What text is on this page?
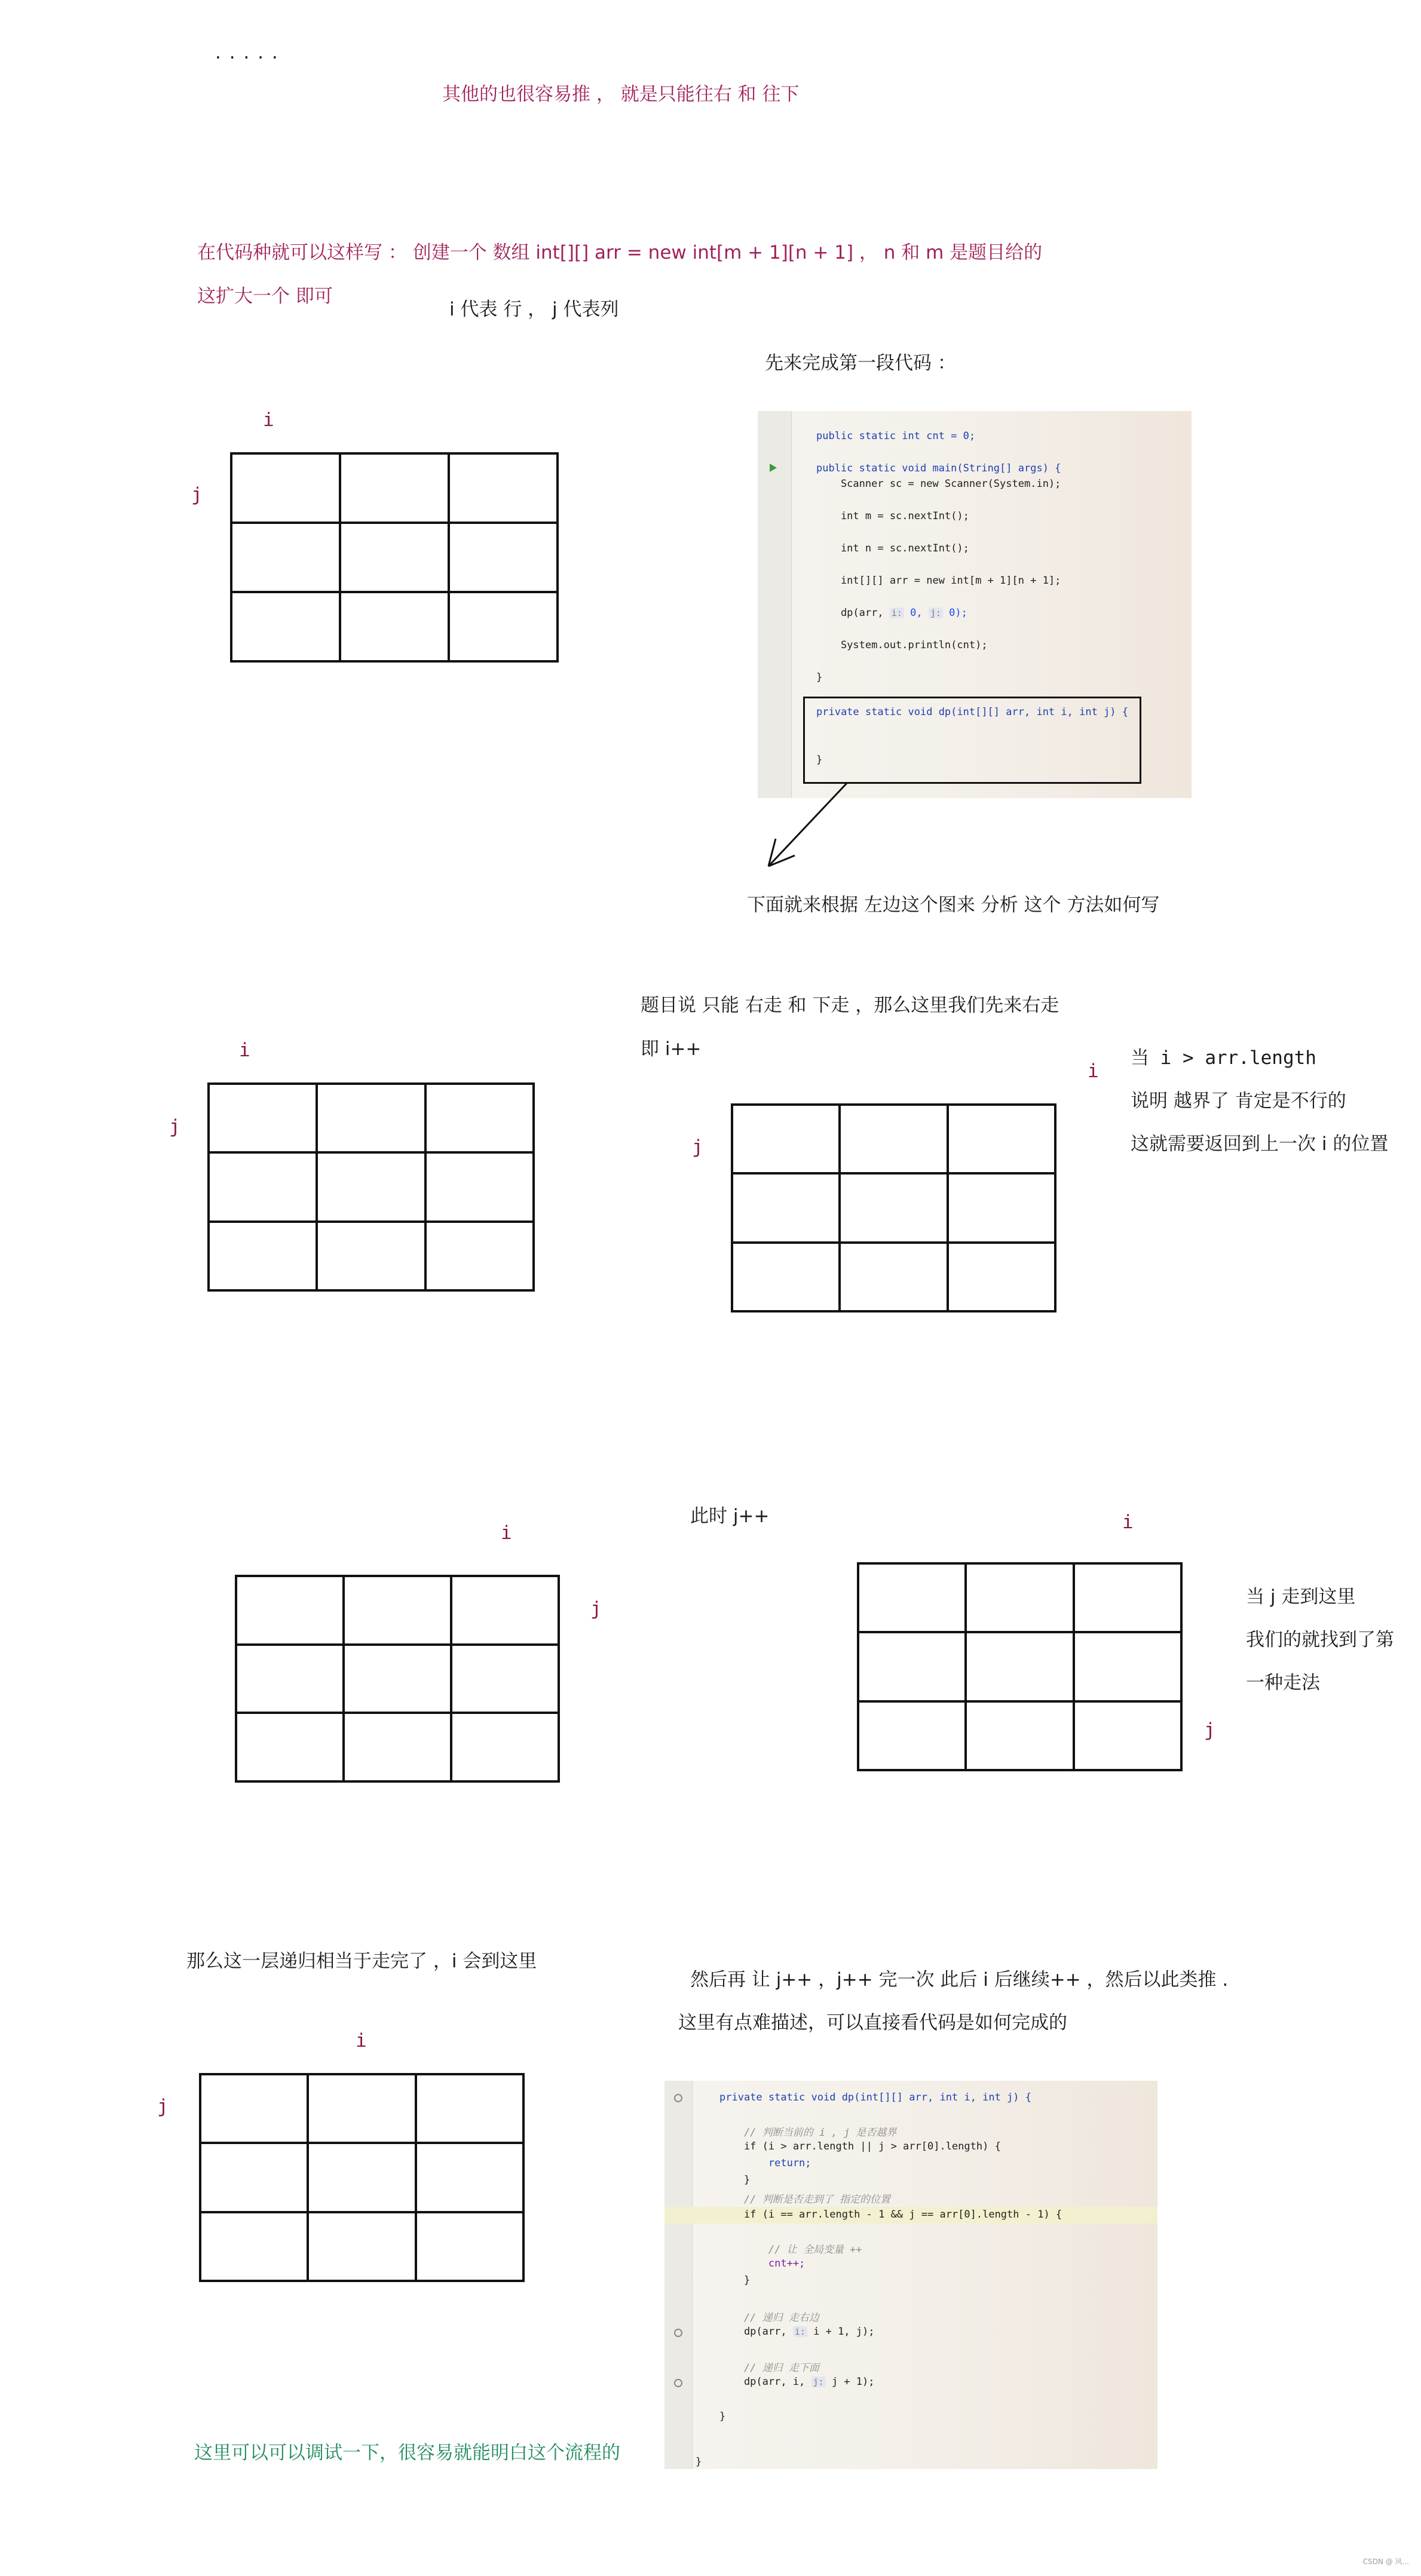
. . . . .
其他的也很容易推 ， 就是只能往右 和 往下
在代码种就可以这样写 ： 创建一个 数组 int[][] arr = new int[m + 1][n + 1] ， n 和 m 是题目给的
这扩大一个 即可
i 代表 行 ， j 代表列
先来完成第一段代码 ：
i
j
public static int cnt = 0;
public static void main(String[] args) {
Scanner sc = new Scanner(System.in);
int m = sc.nextInt();
int n = sc.nextInt();
int[][] arr = new int[m + 1][n + 1];
dp(arr, i: 0, j: 0);
System.out.println(cnt);
}
private static void dp(int[][] arr, int i, int j) {
}
下面就来根据 左边这个图来 分析 这个 方法如何写
题目说 只能 右走 和 下走 ，那么这里我们先来右走
即 i++
i
j
i
j
当 i > arr.length
说明 越界了 肯定是不行的
这就需要返回到上一次 i 的位置
i
j
此时 j++	i
j
当 j 走到这里
我们的就找到了第
一种走法
那么这一层递归相当于走完了 ，i 会到这里
然后再 让 j++ ，j++ 完一次 此后 i 后继续++ ，然后以此类推 .
这里有点难描述，可以直接看代码是如何完成的
i
j	private static void dp(int[][] arr, int i, int j) {
// 判断当前的 i , j 是否越界
if (i > arr.length || j > arr[0].length) {
return;
}
// 判断是否走到了 指定的位置
if (i == arr.length - 1 && j == arr[0].length - 1) {
// 让 全局变量 ++
cnt++;
}
// 递归 走右边
dp(arr, i: i + 1, j);
// 递归 走下面
dp(arr, i, j: j + 1);
}
}
这里可以可以调试一下，很容易就能明白这个流程的
CSDN @ 风...
